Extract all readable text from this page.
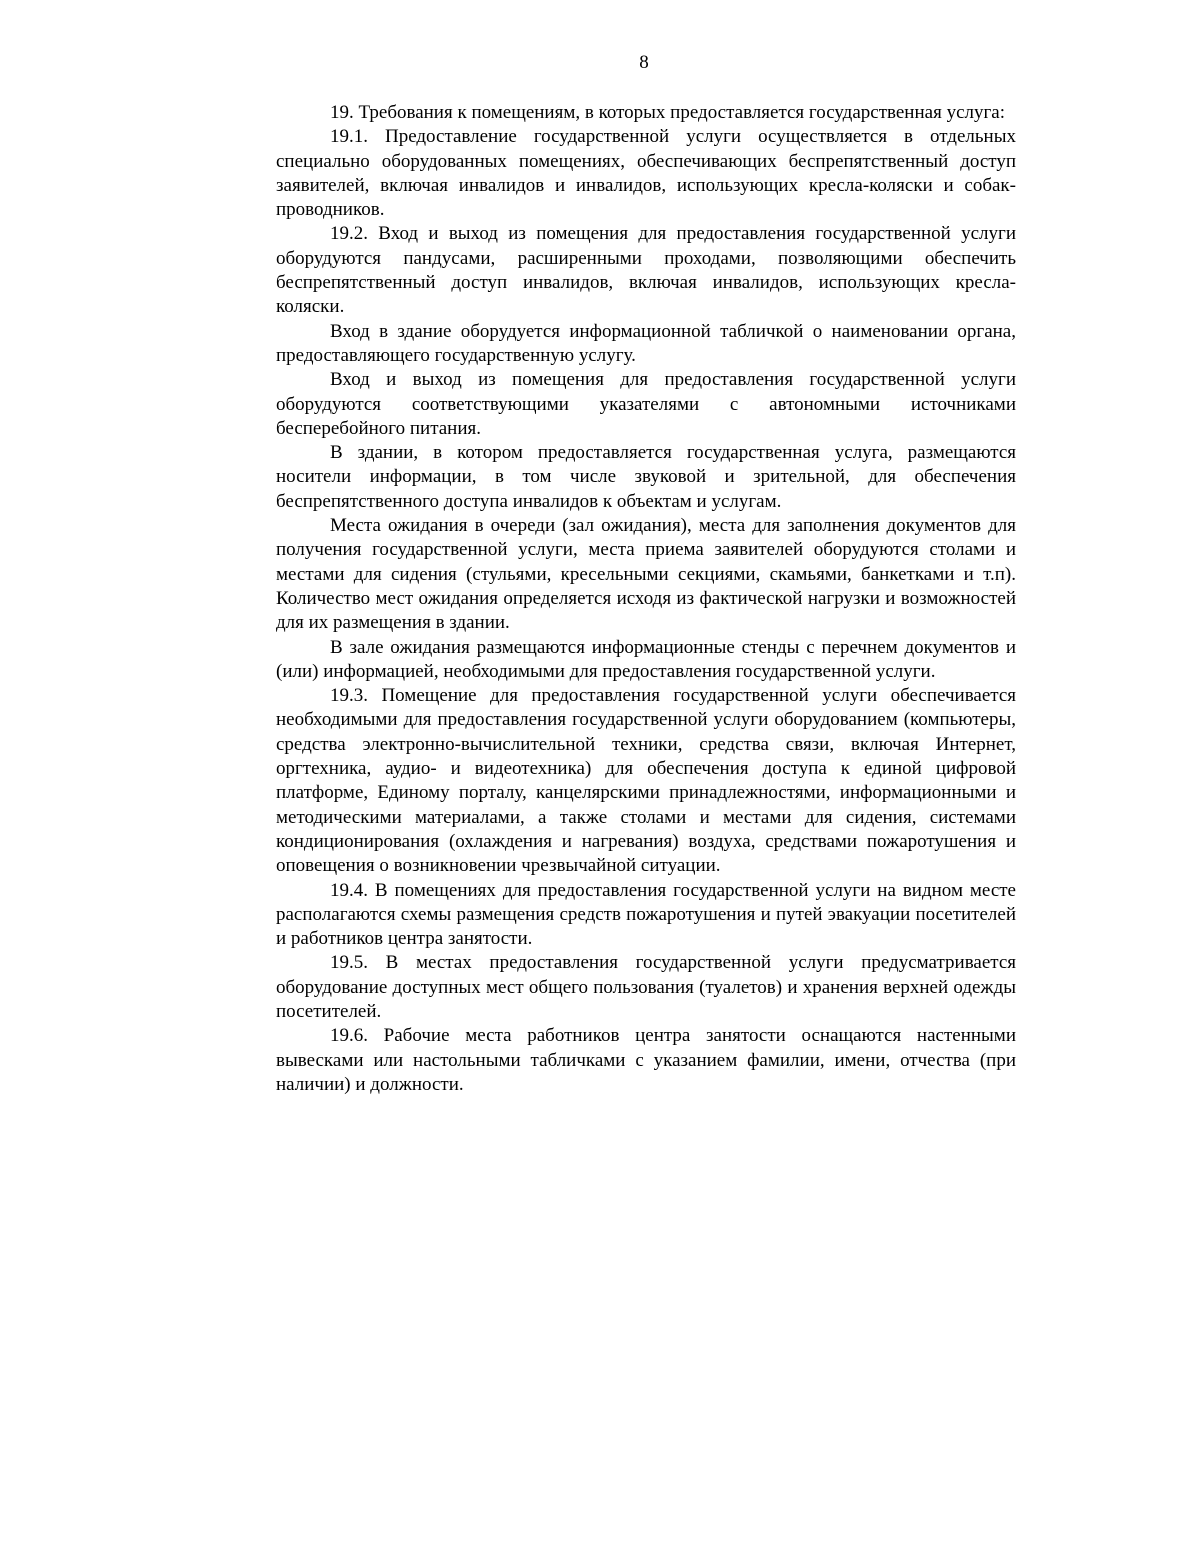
8

19. Требования к помещениям, в которых предоставляется государственная услуга:

19.1. Предоставление государственной услуги осуществляется в отдельных специально оборудованных помещениях, обеспечивающих беспрепятственный доступ заявителей, включая инвалидов и инвалидов, использующих кресла-коляски и собак-проводников.

19.2. Вход и выход из помещения для предоставления государственной услуги оборудуются пандусами, расширенными проходами, позволяющими обеспечить беспрепятственный доступ инвалидов, включая инвалидов, использующих кресла-коляски.

Вход в здание оборудуется информационной табличкой о наименовании органа, предоставляющего государственную услугу.

Вход и выход из помещения для предоставления государственной услуги оборудуются соответствующими указателями с автономными источниками бесперебойного питания.

В здании, в котором предоставляется государственная услуга, размещаются носители информации, в том числе звуковой и зрительной, для обеспечения беспрепятственного доступа инвалидов к объектам и услугам.

Места ожидания в очереди (зал ожидания), места для заполнения документов для получения государственной услуги, места приема заявителей оборудуются столами и местами для сидения (стульями, кресельными секциями, скамьями, банкетками и т.п). Количество мест ожидания определяется исходя из фактической нагрузки и возможностей для их размещения в здании.

В зале ожидания размещаются информационные стенды с перечнем документов и (или) информацией, необходимыми для предоставления государственной услуги.

19.3. Помещение для предоставления государственной услуги обеспечивается необходимыми для предоставления государственной услуги оборудованием (компьютеры, средства электронно-вычислительной техники, средства связи, включая Интернет, оргтехника, аудио- и видеотехника) для обеспечения доступа к единой цифровой платформе, Единому порталу, канцелярскими принадлежностями, информационными и методическими материалами, а также столами и местами для сидения, системами кондиционирования (охлаждения и нагревания) воздуха, средствами пожаротушения и оповещения о возникновении чрезвычайной ситуации.

19.4. В помещениях для предоставления государственной услуги на видном месте располагаются схемы размещения средств пожаротушения и путей эвакуации посетителей и работников центра занятости.

19.5. В местах предоставления государственной услуги предусматривается оборудование доступных мест общего пользования (туалетов) и хранения верхней одежды посетителей.

19.6. Рабочие места работников центра занятости оснащаются настенными вывесками или настольными табличками с указанием фамилии, имени, отчества (при наличии) и должности.
